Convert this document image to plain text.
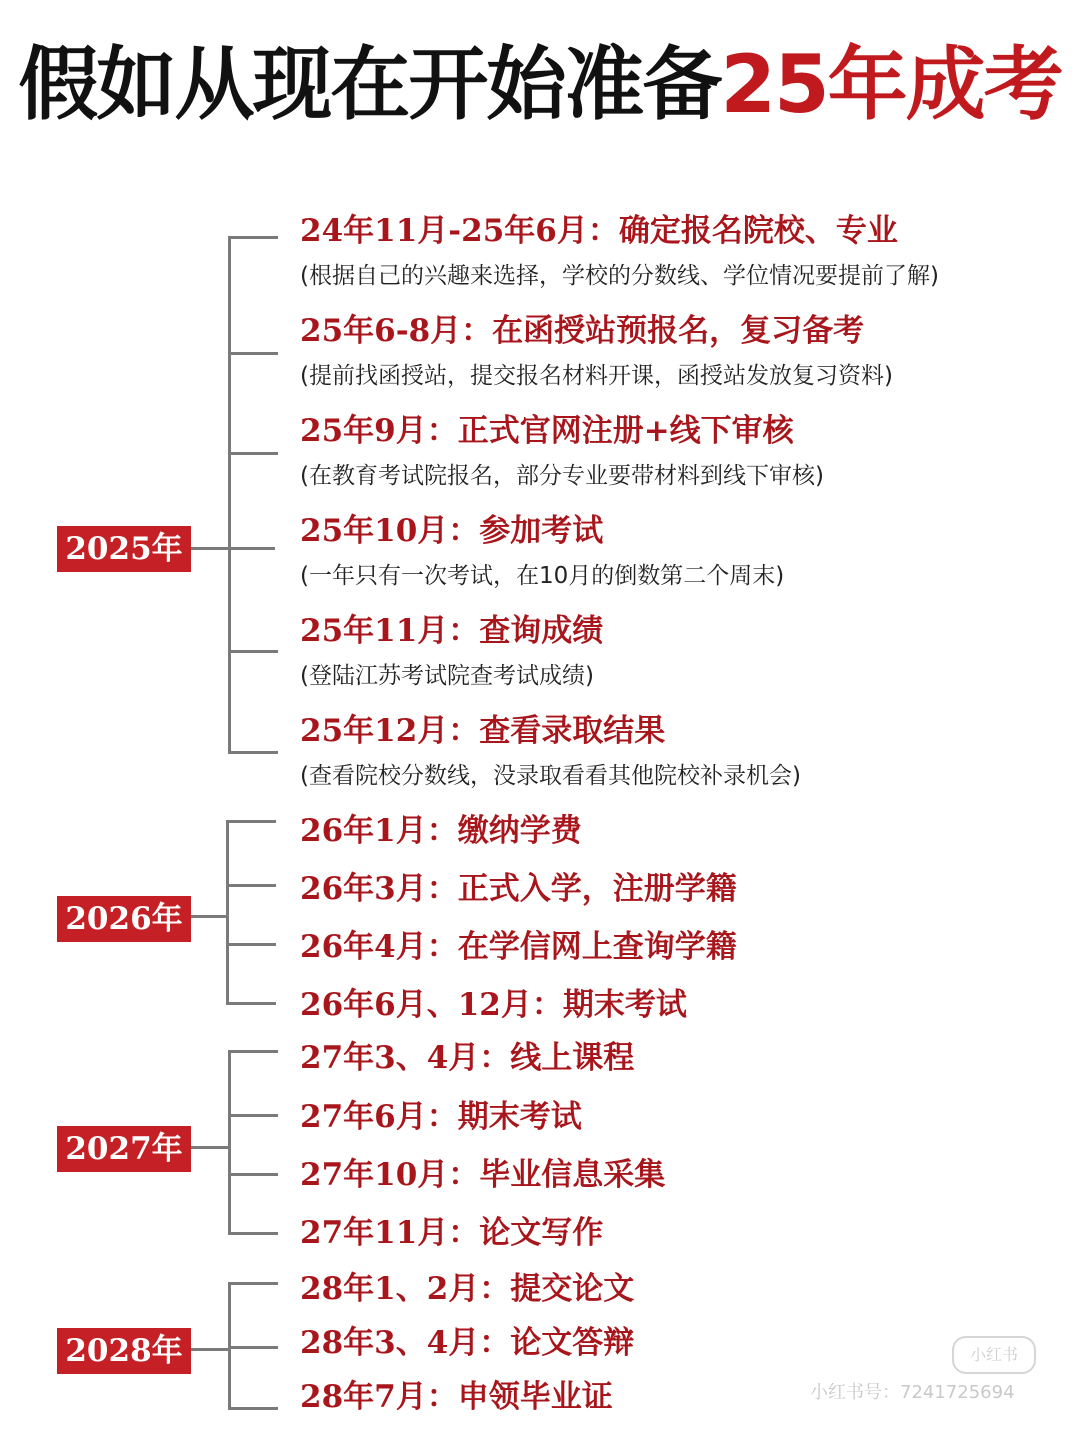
假如从现在开始准备25年成考
2025年
24年11月-25年6月：确定报名院校、专业
(根据自己的兴趣来选择，学校的分数线、学位情况要提前了解)
25年6-8月：在函授站预报名，复习备考
(提前找函授站，提交报名材料开课，函授站发放复习资料)
25年9月：正式官网注册+线下审核
(在教育考试院报名，部分专业要带材料到线下审核)
25年10月：参加考试
(一年只有一次考试，在10月的倒数第二个周末)
25年11月：查询成绩
(登陆江苏考试院查考试成绩)
25年12月：查看录取结果
(查看院校分数线，没录取看看其他院校补录机会)
2026年
26年1月：缴纳学费
26年3月：正式入学，注册学籍
26年4月：在学信网上查询学籍
26年6月、12月：期末考试
2027年
27年3、4月：线上课程
27年6月：期末考试
27年10月：毕业信息采集
27年11月：论文写作
2028年
28年1、2月：提交论文
28年3、4月：论文答辩
28年7月：申领毕业证
小红书
小红书号：7241725694
